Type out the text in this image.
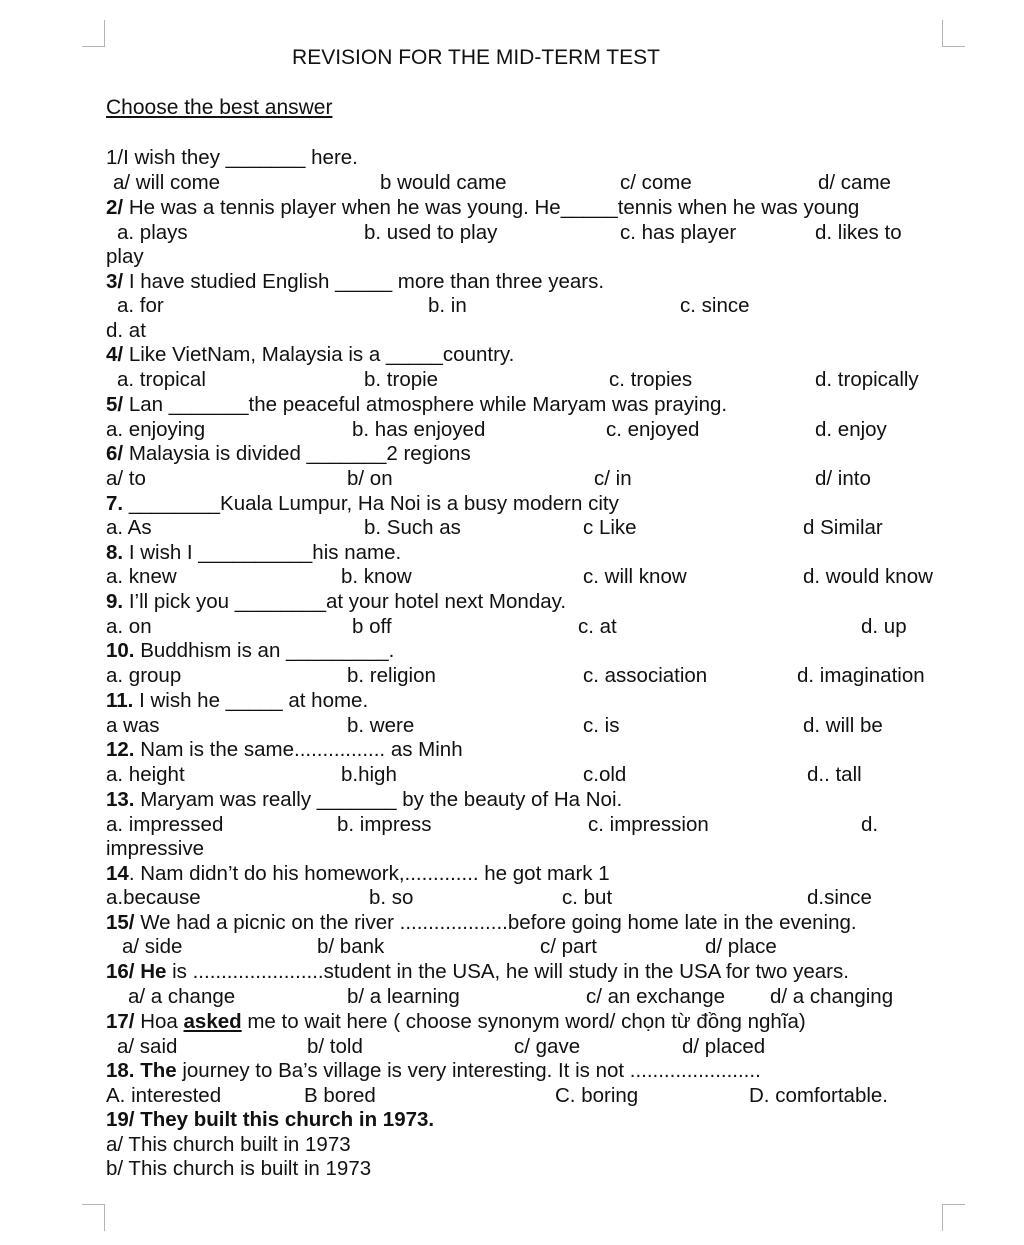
REVISION FOR THE MID-TERM TEST
Choose the best answer
1/I wish they _______ here.
a/ will come	b would came	c/ come	d/ came
2/ He was a tennis player when he was young. He_____tennis when he was young
a. plays	b. used to play	c. has player	d. likes to
play
3/ I have studied English _____ more than three years.
a. for	b. in	c. since
d. at
4/ Like VietNam, Malaysia is a _____country.
a. tropical	b. tropie	c. tropies	d. tropically
5/ Lan _______the peaceful atmosphere while Maryam was praying.
a. enjoying	b. has enjoyed	c. enjoyed	d. enjoy
6/ Malaysia is divided _______2 regions
a/ to	b/ on	c/ in	d/ into
7. ________Kuala Lumpur, Ha Noi is a busy modern city
a. As	b. Such as	c Like	d Similar
8. I wish I __________his name.
a. knew	b. know	c. will know	d. would know
9. I’ll pick you ________at your hotel next Monday.
a. on	b off	c. at	d. up
10. Buddhism is an _________.
a. group	b. religion	c. association	d. imagination
11. I wish he _____ at home.
a was	b. were	c. is	d. will be
12. Nam is the same................ as Minh
a. height	b.high	c.old	d.. tall
13. Maryam was really _______ by the beauty of Ha Noi.
a. impressed	b. impress	c. impression	d.
impressive
14. Nam didn’t do his homework,............. he got mark 1
a.because	b. so	c. but	d.since
15/ We had a picnic on the river ...................before going home late in the evening.
a/ side	b/ bank	c/ part	d/ place
16/ He is .......................student in the USA, he will study in the USA for two years.
a/ a change	b/ a learning	c/ an exchange d/ a changing
17/ Hoa asked me to wait here ( choose synonym word/ chọn từ đồng nghĩa)
a/ said	b/ told	c/ gave	d/ placed
18. The journey to Ba’s village is very interesting. It is not .......................
A. interested	B bored	C. boring	D. comfortable.
19/ They built this church in 1973.
a/ This church built in 1973
b/ This church is built in 1973
